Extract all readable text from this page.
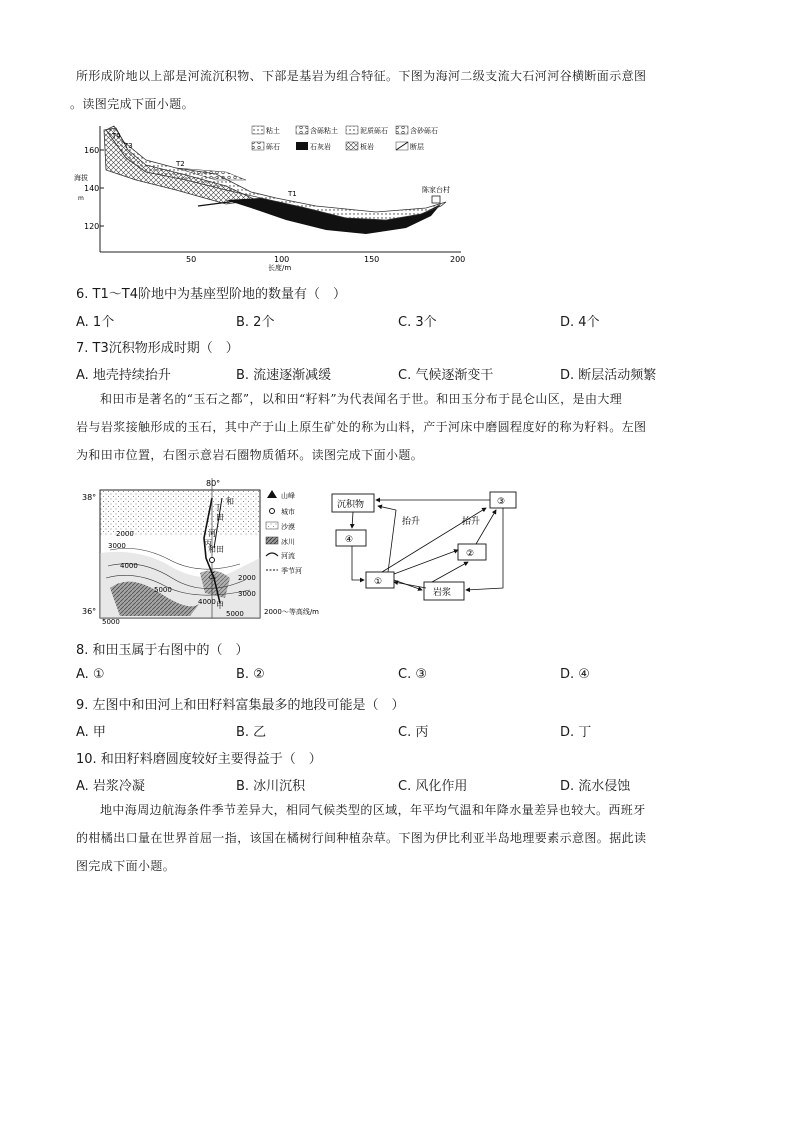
所形成阶地以上部是河流沉积物、下部是基岩为组合特征。下图为海河二级支流大石河河谷横断面示意图
。读图完成下面小题。
160
140
120
海拔
m
50	100	150	200
长度/m
T4
T3
T2
T1	陈家台村
粘土	含砾粘土	泥质砾石	含砂砾石
砾石	石灰岩	板岩	断层
6. T1～T4阶地中为基座型阶地的数量有（　）
A. 1个	B. 2个	C. 3个	D. 4个
7. T3沉积物形成时期（　）
A. 地壳持续抬升	B. 流速逐渐减缓	C. 气候逐渐变干	D. 断层活动频繁
和田市是著名的“玉石之都”，以和田“籽料”为代表闻名于世。和田玉分布于昆仑山区，是由大理
岩与岩浆接触形成的玉石，其中产于山上原生矿处的称为山料，产于河床中磨圆程度好的称为籽料。左图
为和田市位置，右图示意岩石圈物质循环。读图完成下面小题。
80°
38°
36°
和
田
河
和田
2000
3000
4000
5000
4000
5000
2000
3000
5000
甲
乙
丙
丁
山峰
城市
沙漠
冰川
河流
季节河
2000～等高线/m
沉积物
④
①
③
②
岩浆
抬升	抬升
8. 和田玉属于右图中的（　）
A. ①	B. ②	C. ③	D. ④
9. 左图中和田河上和田籽料富集最多的地段可能是（　）
A. 甲	B. 乙	C. 丙	D. 丁
10. 和田籽料磨圆度较好主要得益于（　）
A. 岩浆冷凝	B. 冰川沉积	C. 风化作用	D. 流水侵蚀
地中海周边航海条件季节差异大，相同气候类型的区域，年平均气温和年降水量差异也较大。西班牙
的柑橘出口量在世界首屈一指，该国在橘树行间种植杂草。下图为伊比利亚半岛地理要素示意图。据此读
图完成下面小题。
